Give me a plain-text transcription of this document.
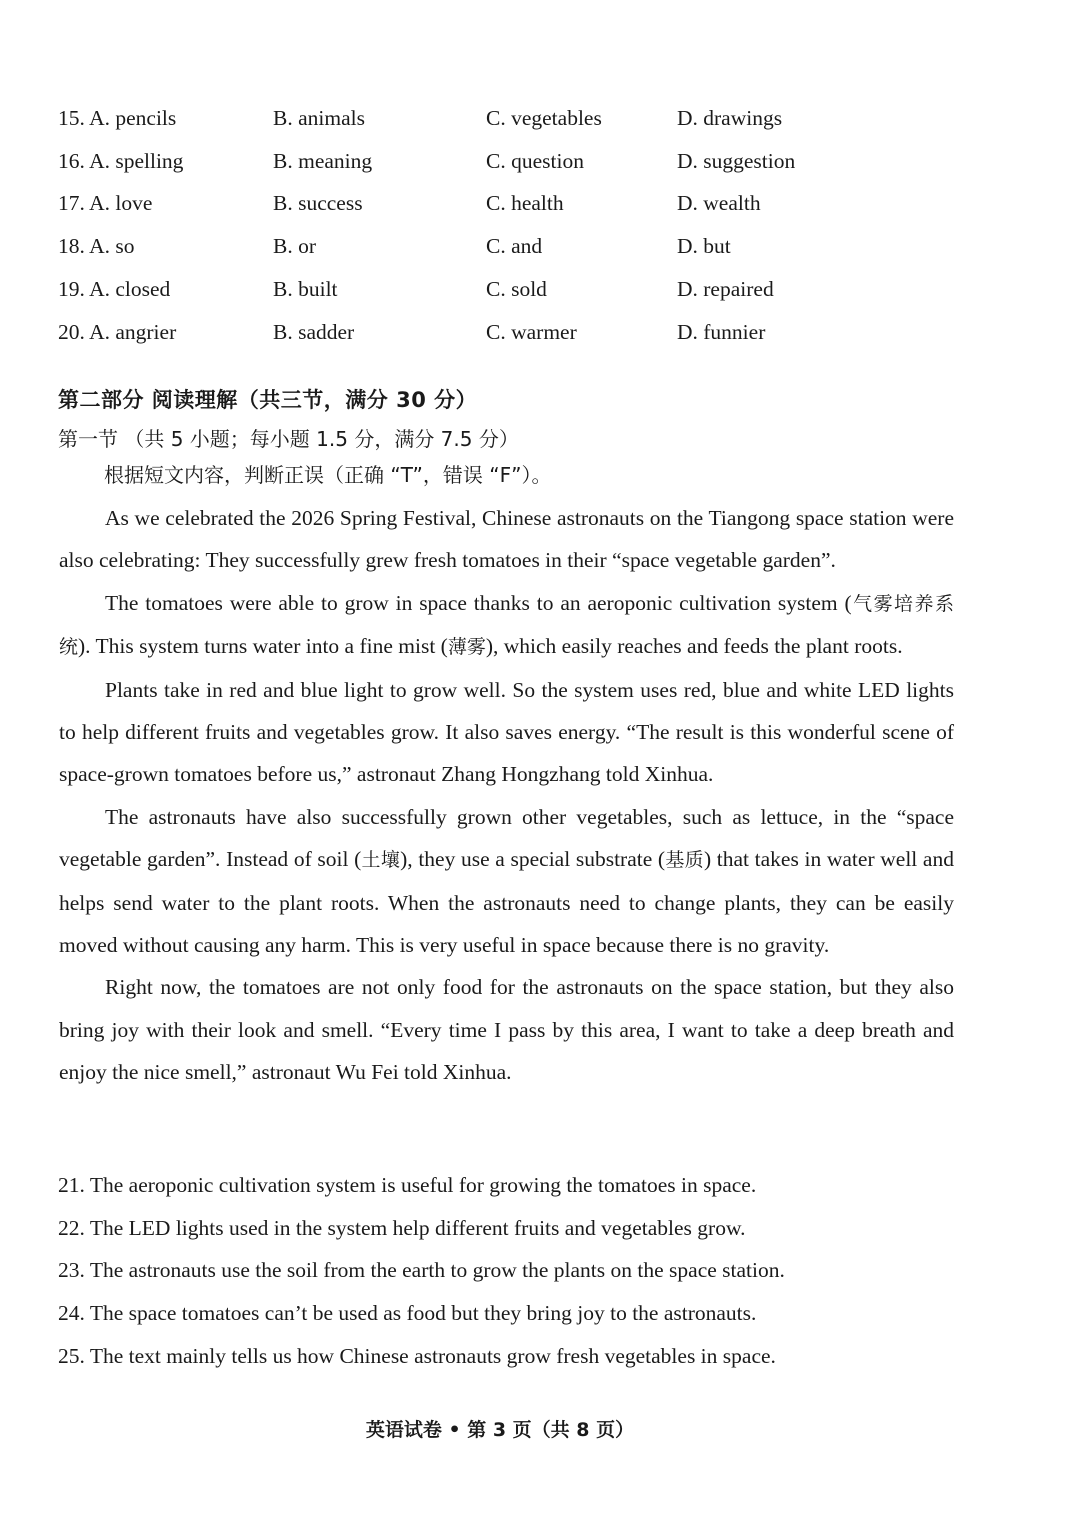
15. A. pencils	B. animals	C. vegetables	D. drawings
16. A. spelling	B. meaning	C. question	D. suggestion
17. A. love	B. success	C. health	D. wealth
18. A. so	B. or	C. and	D. but
19. A. closed	B. built	C. sold	D. repaired
20. A. angrier	B. sadder	C. warmer	D. funnier
第二部分 阅读理解（共三节，满分 30 分）
第一节 （共 5 小题；每小题 1.5 分，满分 7.5 分）
根据短文内容，判断正误（正确 “T”，错误 “F”）。

As we celebrated the 2026 Spring Festival, Chinese astronauts on the Tiangong space station were also celebrating: They successfully grew fresh tomatoes in their “space vegetable garden”.

The tomatoes were able to grow in space thanks to an aeroponic cultivation system (气雾培养系统). This system turns water into a fine mist (薄雾), which easily reaches and feeds the plant roots.

Plants take in red and blue light to grow well. So the system uses red, blue and white LED lights to help different fruits and vegetables grow. It also saves energy. “The result is this wonderful scene of space-grown tomatoes before us,” astronaut Zhang Hongzhang told Xinhua.

The astronauts have also successfully grown other vegetables, such as lettuce, in the “space vegetable garden”. Instead of soil (土壤), they use a special substrate (基质) that takes in water well and helps send water to the plant roots. When the astronauts need to change plants, they can be easily moved without causing any harm. This is very useful in space because there is no gravity.

Right now, the tomatoes are not only food for the astronauts on the space station, but they also bring joy with their look and smell. “Every time I pass by this area, I want to take a deep breath and enjoy the nice smell,” astronaut Wu Fei told Xinhua.

21. The aeroponic cultivation system is useful for growing the tomatoes in space.
22. The LED lights used in the system help different fruits and vegetables grow.
23. The astronauts use the soil from the earth to grow the plants on the space station.
24. The space tomatoes can’t be used as food but they bring joy to the astronauts.
25. The text mainly tells us how Chinese astronauts grow fresh vegetables in space.
英语试卷 • 第 3 页（共 8 页）
